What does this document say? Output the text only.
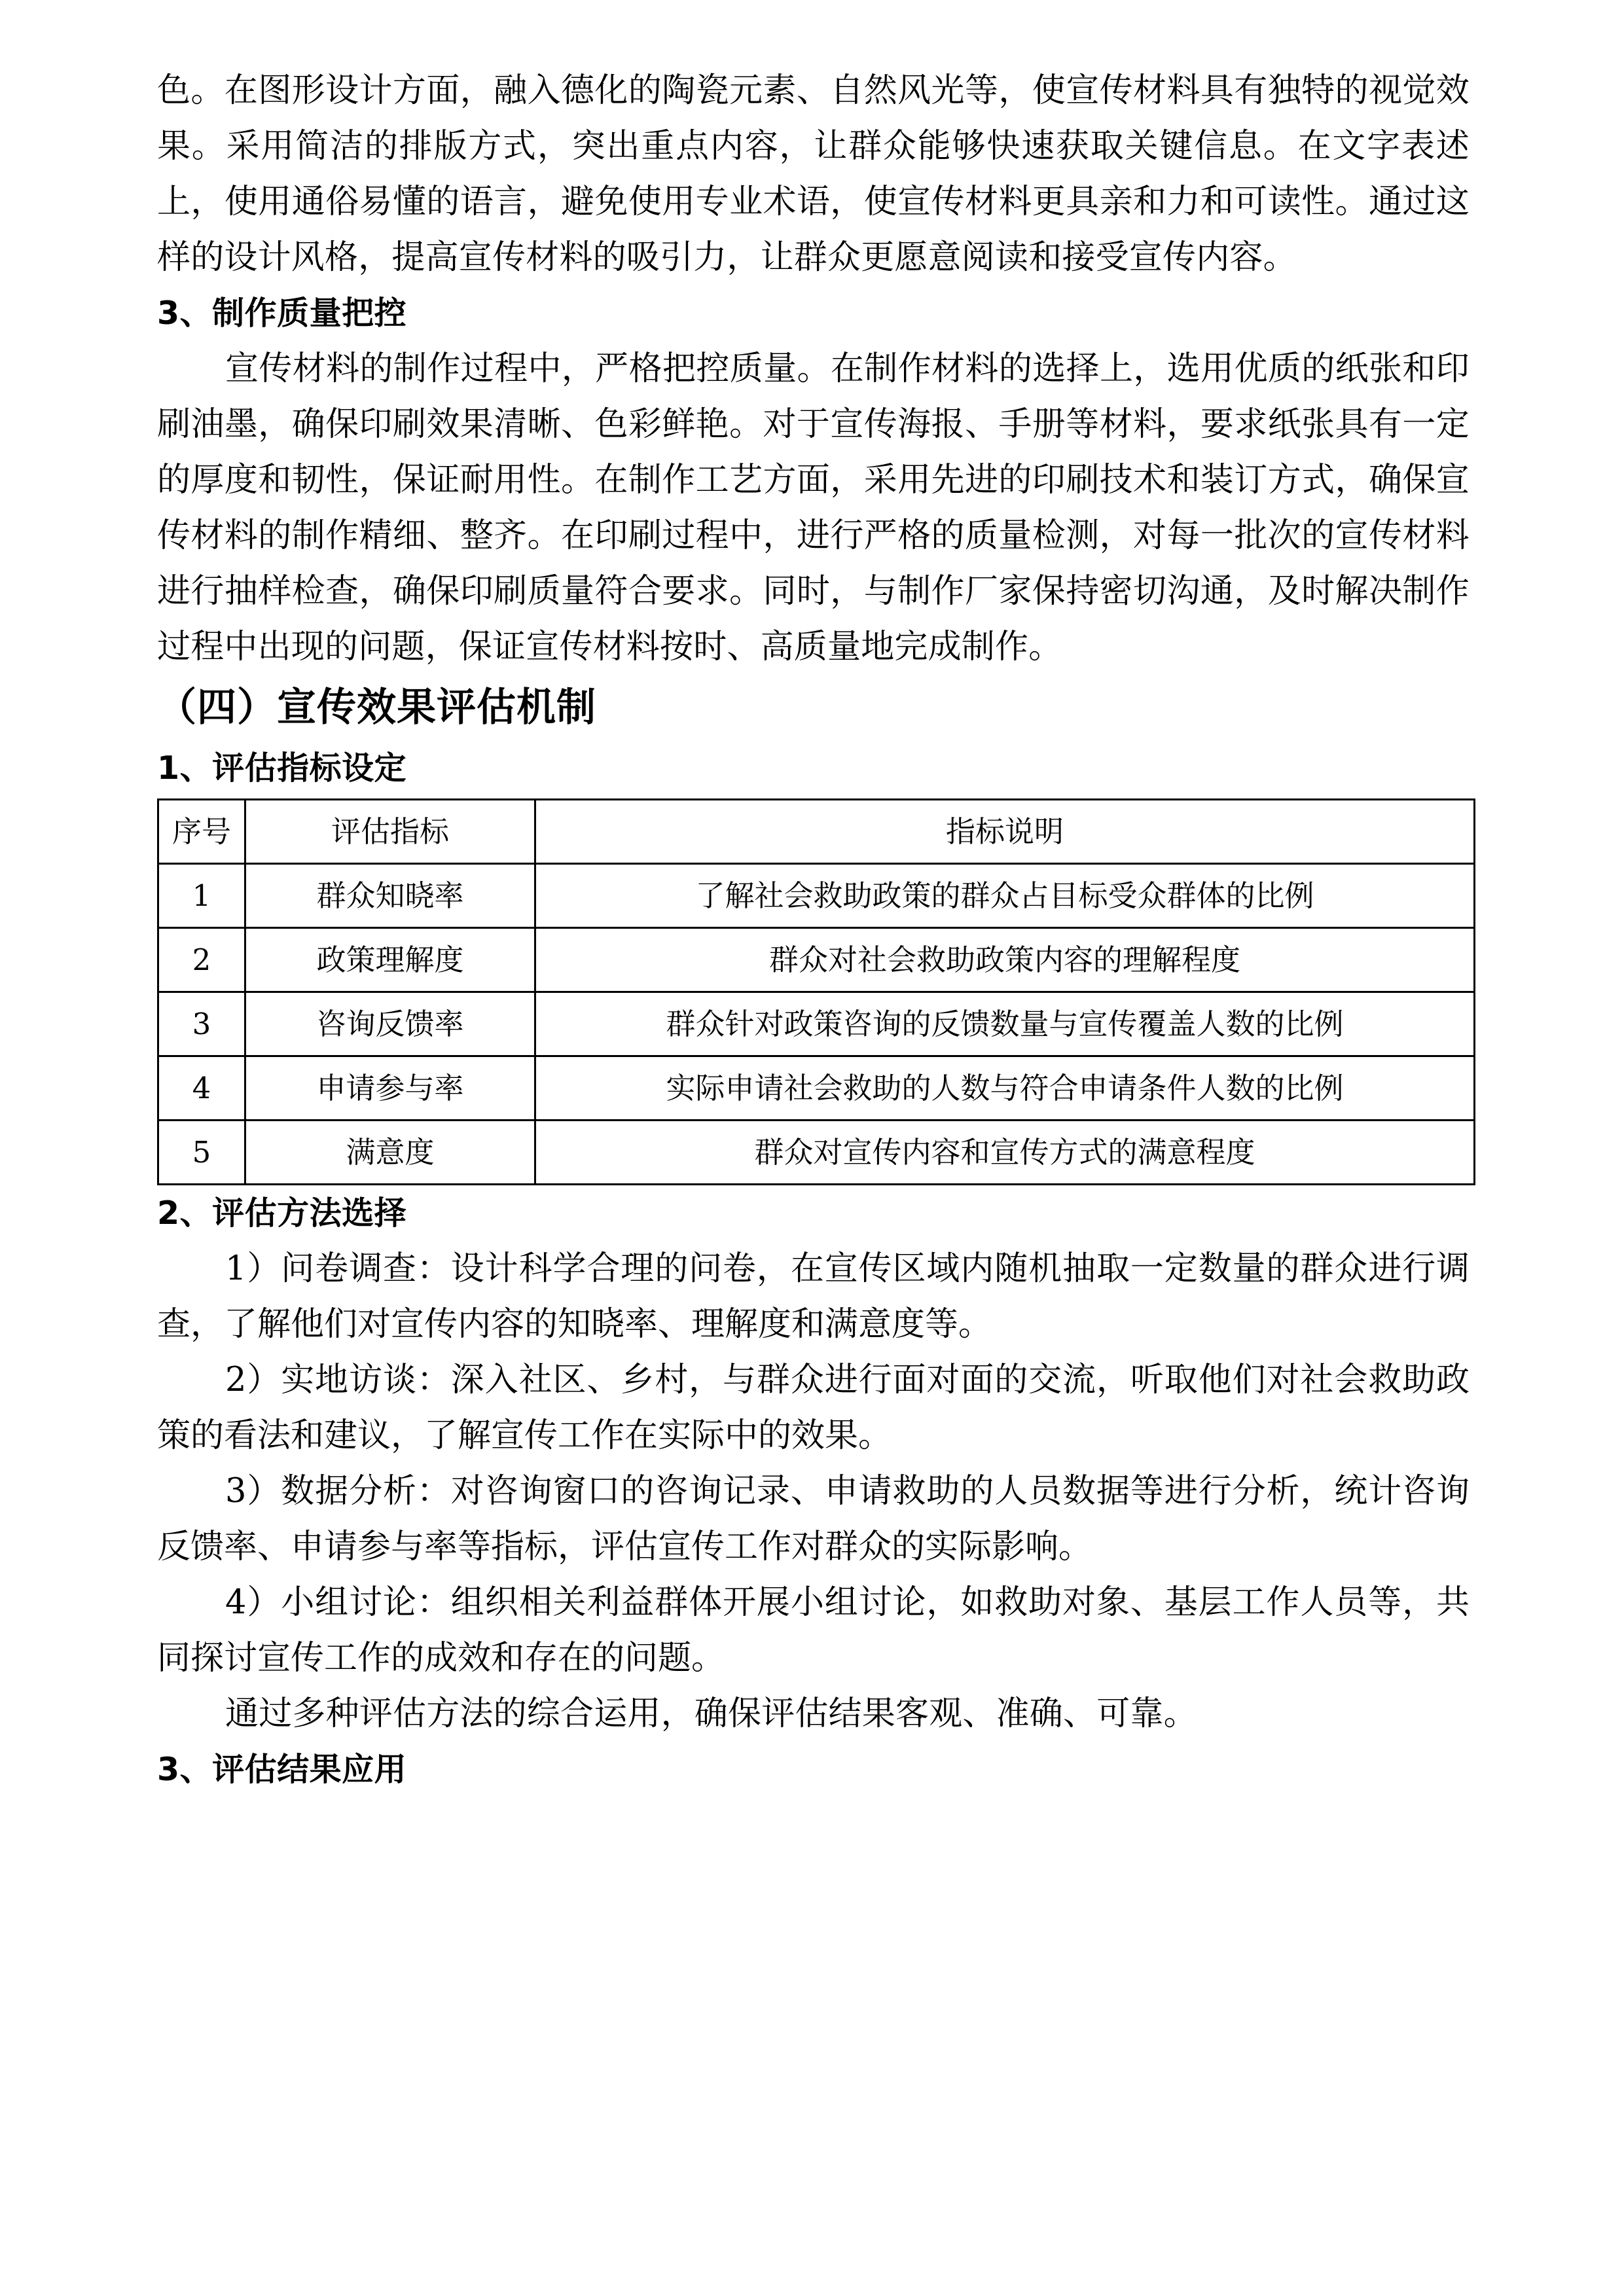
色。在图形设计方面，融入德化的陶瓷元素、自然风光等，使宣传材料具有独特的视觉效果。采用简洁的排版方式，突出重点内容，让群众能够快速获取关键信息。在文字表述上，使用通俗易懂的语言，避免使用专业术语，使宣传材料更具亲和力和可读性。通过这样的设计风格，提高宣传材料的吸引力，让群众更愿意阅读和接受宣传内容。

3、制作质量把控

宣传材料的制作过程中，严格把控质量。在制作材料的选择上，选用优质的纸张和印刷油墨，确保印刷效果清晰、色彩鲜艳。对于宣传海报、手册等材料，要求纸张具有一定的厚度和韧性，保证耐用性。在制作工艺方面，采用先进的印刷技术和装订方式，确保宣传材料的制作精细、整齐。在印刷过程中，进行严格的质量检测，对每一批次的宣传材料进行抽样检查，确保印刷质量符合要求。同时，与制作厂家保持密切沟通，及时解决制作过程中出现的问题，保证宣传材料按时、高质量地完成制作。

（四）宣传效果评估机制
1、评估指标设定
序号	评估指标	指标说明
1	群众知晓率	了解社会救助政策的群众占目标受众群体的比例
2	政策理解度	群众对社会救助政策内容的理解程度
3	咨询反馈率	群众针对政策咨询的反馈数量与宣传覆盖人数的比例
4	申请参与率	实际申请社会救助的人数与符合申请条件人数的比例
5	满意度	群众对宣传内容和宣传方式的满意程度
2、评估方法选择

1）问卷调查：设计科学合理的问卷，在宣传区域内随机抽取一定数量的群众进行调查，了解他们对宣传内容的知晓率、理解度和满意度等。

2）实地访谈：深入社区、乡村，与群众进行面对面的交流，听取他们对社会救助政策的看法和建议，了解宣传工作在实际中的效果。

3）数据分析：对咨询窗口的咨询记录、申请救助的人员数据等进行分析，统计咨询反馈率、申请参与率等指标，评估宣传工作对群众的实际影响。

4）小组讨论：组织相关利益群体开展小组讨论，如救助对象、基层工作人员等，共同探讨宣传工作的成效和存在的问题。

通过多种评估方法的综合运用，确保评估结果客观、准确、可靠。

3、评估结果应用
